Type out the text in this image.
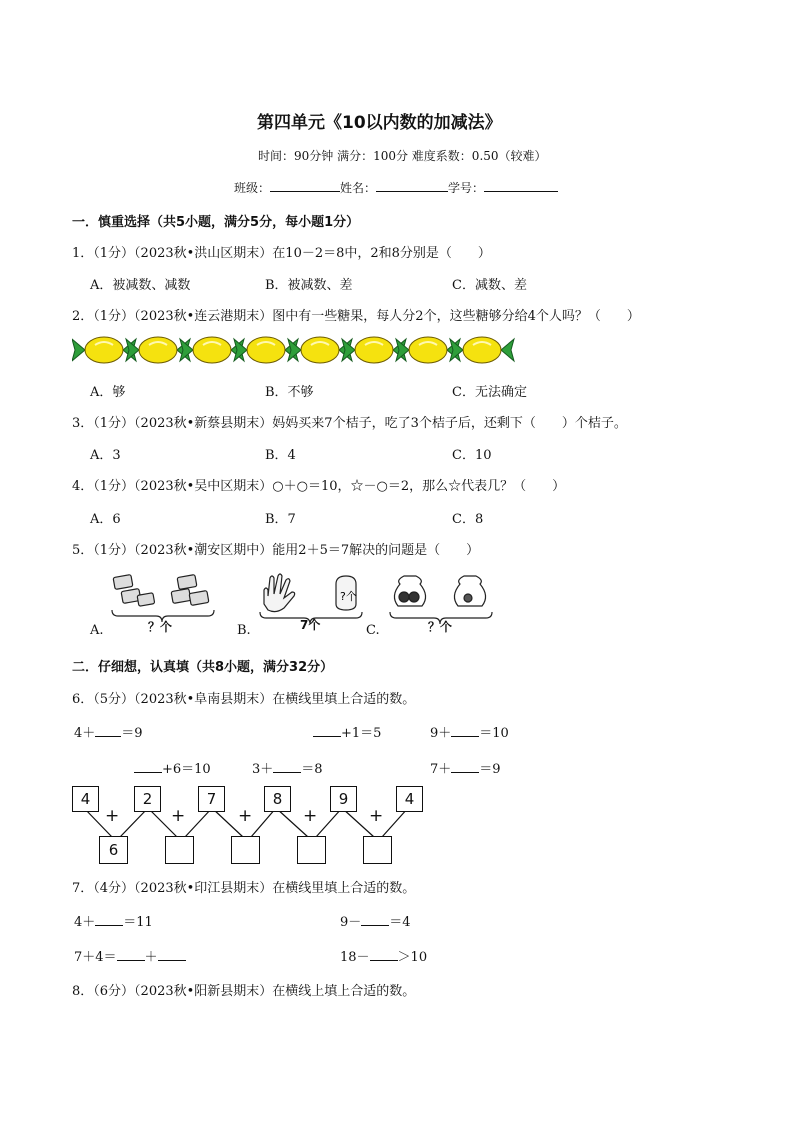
第四单元《10以内数的加减法》
时间：90分钟 满分：100分 难度系数：0.50（较难）
班级：	姓名：	学号：
一．慎重选择（共5小题，满分5分，每小题1分）
1．（1分）（2023秋•洪山区期末）在10－2＝8中，2和8分别是（　　）
A．被减数、减数	B．被减数、差	C．减数、差
2．（1分）（2023秋•连云港期末）图中有一些糖果，每人分2个，这些糖够分给4个人吗？（　　）
A．够	B．不够	C．无法确定
3．（1分）（2023秋•新蔡县期末）妈妈买来7个桔子，吃了3个桔子后，还剩下（　　）个桔子。
A．3	B．4	C．10
4．（1分）（2023秋•吴中区期末）○＋○＝10，☆－○＝2，那么☆代表几？（　　）
A．6	B．7	C．8
5．（1分）（2023秋•潮安区期中）能用2＋5＝7解决的问题是（　　）
A.	？个	B.
?个
7个	C.	？个
二．仔细想，认真填（共8小题，满分32分）
6．（5分）（2023秋•阜南县期末）在横线里填上合适的数。
4＋ ＝9	+1＝5	9＋ ＝10
+6＝10	3＋ ＝8	7＋ ＝9
4	2	7	8	9	4
+	+	+	+	+
6
7．（4分）（2023秋•印江县期末）在横线里填上合适的数。
4＋ ＝11	9－ ＝4
7＋4＝ ＋	18－ ＞10
8．（6分）（2023秋•阳新县期末）在横线上填上合适的数。
